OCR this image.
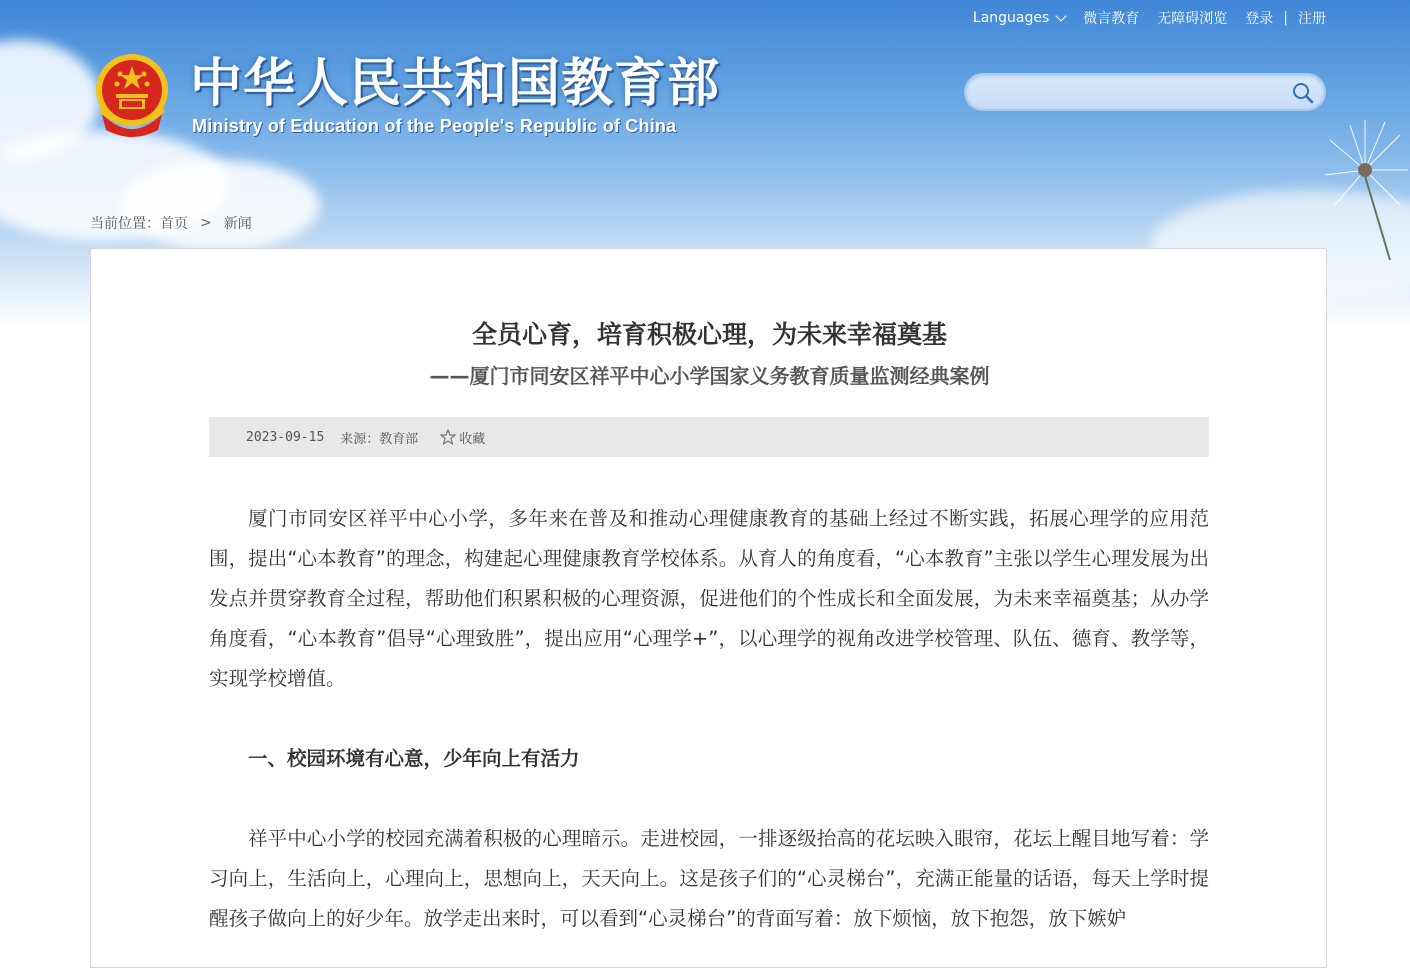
Languages 微言教育 无障碍浏览 登录 | 注册
中华人民共和国教育部
Ministry of Education of the People's Republic of China
当前位置： 首页 > 新闻
全员心育，培育积极心理，为未来幸福奠基
——厦门市同安区祥平中心小学国家义务教育质量监测经典案例
2023-09-15 来源：教育部	收藏

厦门市同安区祥平中心小学，多年来在普及和推动心理健康教育的基础上经过不断实践，拓展心理学的应用范围，提出“心本教育”的理念，构建起心理健康教育学校体系。从育人的角度看，“心本教育”主张以学生心理发展为出发点并贯穿教育全过程，帮助他们积累积极的心理资源，促进他们的个性成长和全面发展，为未来幸福奠基；从办学角度看，“心本教育”倡导“心理致胜”，提出应用“心理学+”，以心理学的视角改进学校管理、队伍、德育、教学等，实现学校增值。

一、校园环境有心意，少年向上有活力

祥平中心小学的校园充满着积极的心理暗示。走进校园，一排逐级抬高的花坛映入眼帘，花坛上醒目地写着：学习向上，生活向上，心理向上，思想向上，天天向上。这是孩子们的“心灵梯台”，充满正能量的话语，每天上学时提醒孩子做向上的好少年。放学走出来时，可以看到“心灵梯台”的背面写着：放下烦恼，放下抱怨，放下嫉妒
